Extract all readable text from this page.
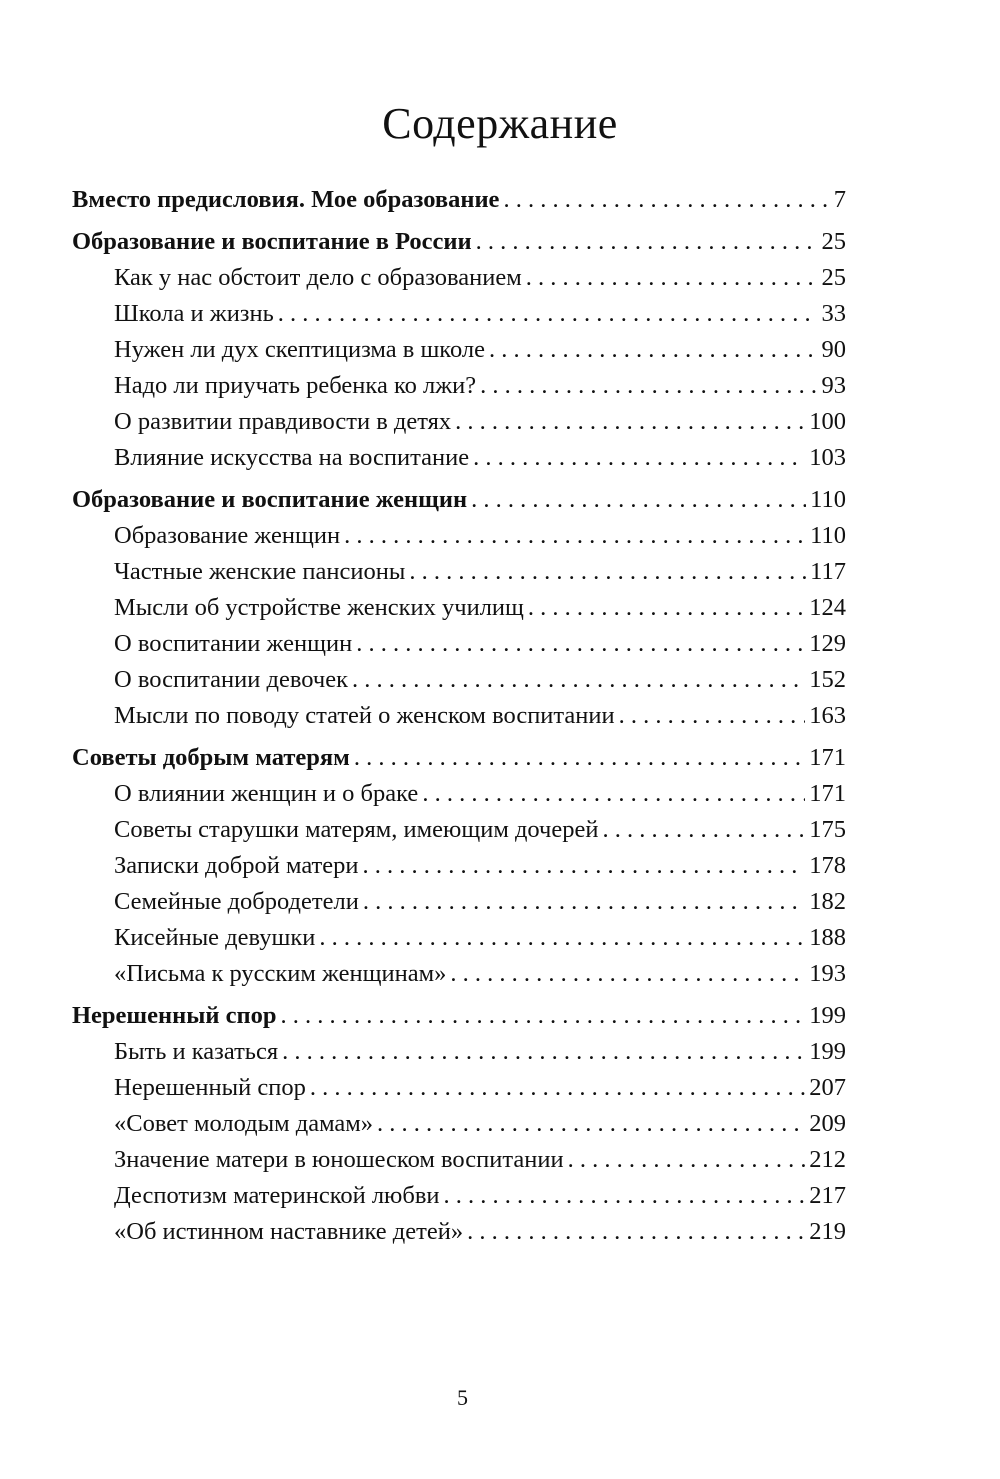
Содержание
Вместо предисловия. Мое образование . . .	7
Образование и воспитание в России . . .	25
Как у нас обстоит дело с образованием . . .	25
Школа и жизнь . . .	33
Нужен ли дух скептицизма в школе . . .	90
Надо ли приучать ребенка ко лжи? . . .	93
О развитии правдивости в детях . . .	100
Влияние искусства на воспитание . . .	103
Образование и воспитание женщин . . .	110
Образование женщин . . .	110
Частные женские пансионы . . .	117
Мысли об устройстве женских училищ . . .	124
О воспитании женщин . . .	129
О воспитании девочек . . .	152
Мысли по поводу статей о женском воспитании . . .	163
Советы добрым матерям . . .	171
О влиянии женщин и о браке . . .	171
Советы старушки матерям, имеющим дочерей . . .	175
Записки доброй матери . . .	178
Семейные добродетели . . .	182
Кисейные девушки . . .	188
«Письма к русским женщинам» . . .	193
Нерешенный спор . . .	199
Быть и казаться . . .	199
Нерешенный спор . . .	207
«Совет молодым дамам» . . .	209
Значение матери в юношеском воспитании . . .	212
Деспотизм материнской любви . . .	217
«Об истинном наставнике детей» . . .	219
5
